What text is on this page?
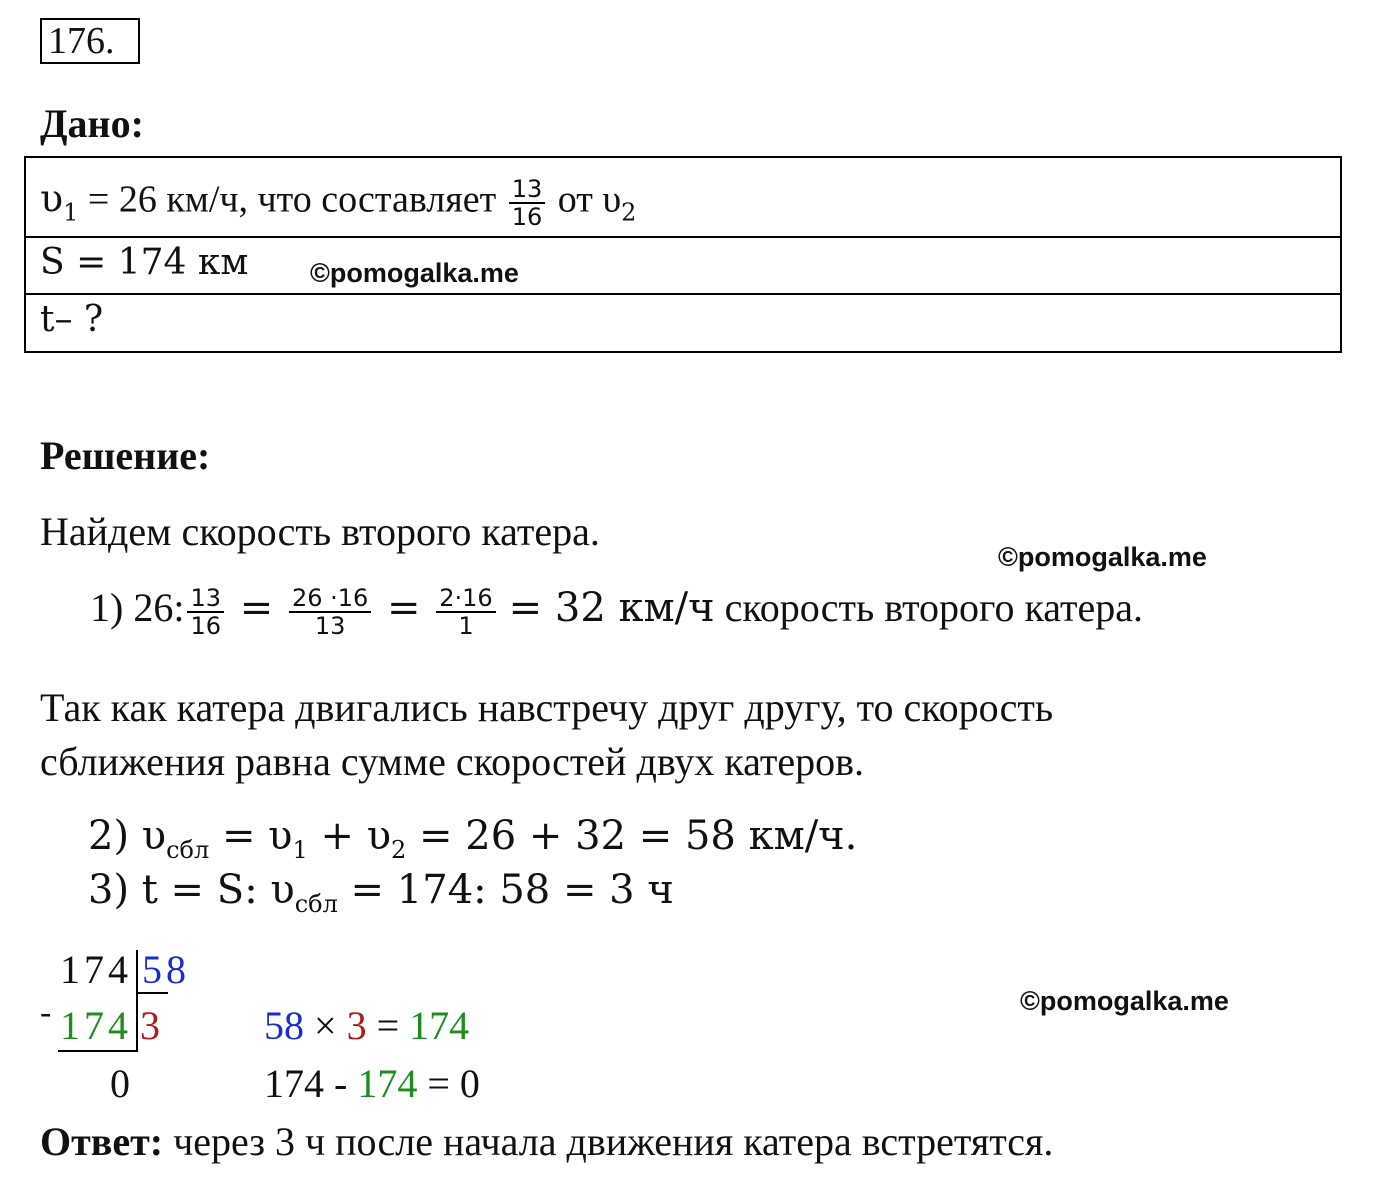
176.
Дано:
$\upsilon_1 = 26$ км/ч, что составляет $\frac{13}{16}$ от $\upsilon_2$
S = 174 км ©pomogalka.me
t– ?
Решение:
Найдем скорость второго катера.
©pomogalka.me
1) 26: $\frac{13}{16} = \frac{26 \cdot 16}{13} = \frac{2\cdot 16}{1} = 32$ км/ч скорость второго катера.
Так как катера двигались навстречу друг другу, то скорость
сближения равна сумме скоростей двух катеров.
2) $\upsilon_{сбл} = \upsilon_1 + \upsilon_2 = 26 + 32 = 58$ км/ч.
3) t = S: $\upsilon_{сбл} = 174$: 58 = 3 ч
-
174 58
174 3
0
58 × 3 = 174
174 - 174 = 0
©pomogalka.me
Ответ: через 3 ч после начала движения катера встретятся.
